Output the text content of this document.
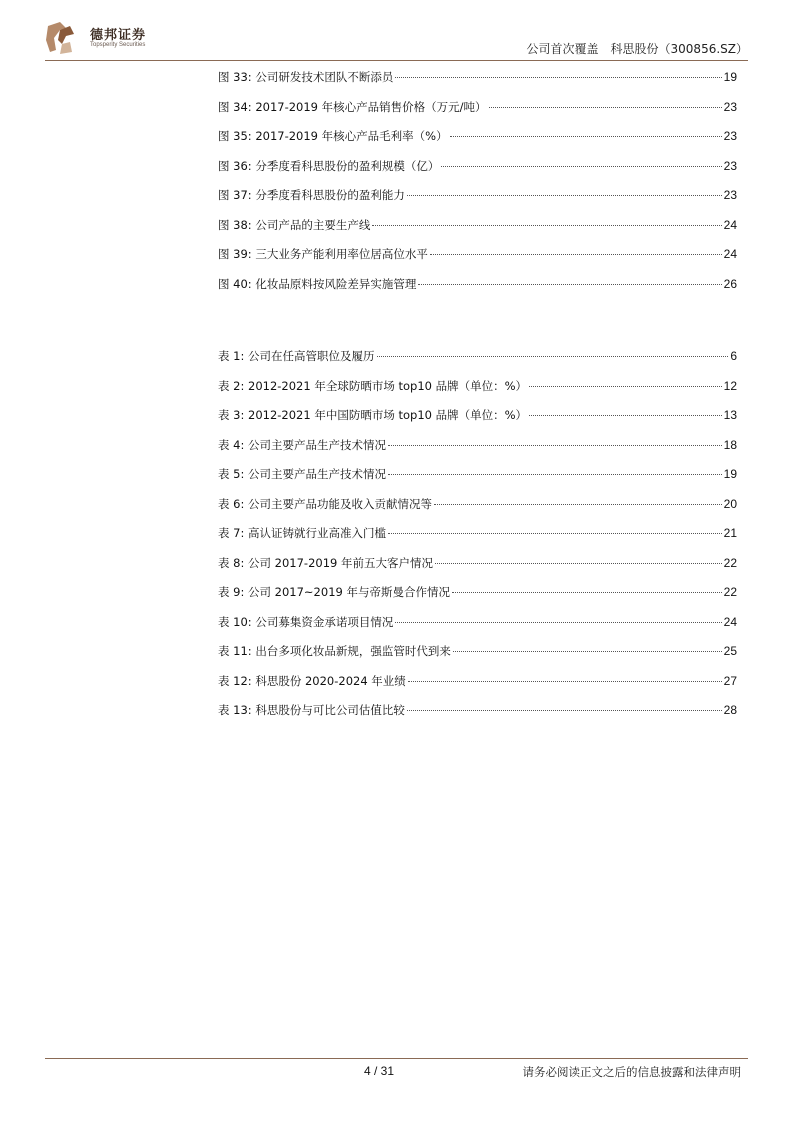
德邦证券
Topsperity Securities	公司首次覆盖　科思股份（300856.SZ）
图 33: 公司研发技术团队不断添员	19
图 34: 2017-2019 年核心产品销售价格（万元/吨）	23
图 35: 2017-2019 年核心产品毛利率（%）	23
图 36: 分季度看科思股份的盈利规模（亿）	23
图 37: 分季度看科思股份的盈利能力	23
图 38: 公司产品的主要生产线	24
图 39: 三大业务产能利用率位居高位水平	24
图 40: 化妆品原料按风险差异实施管理	26
表 1: 公司在任高管职位及履历	6
表 2: 2012-2021 年全球防晒市场 top10 品牌（单位：%）	12
表 3: 2012-2021 年中国防晒市场 top10 品牌（单位：%）	13
表 4: 公司主要产品生产技术情况	18
表 5: 公司主要产品生产技术情况	19
表 6: 公司主要产品功能及收入贡献情况等	20
表 7: 高认证铸就行业高准入门槛	21
表 8: 公司 2017-2019 年前五大客户情况	22
表 9: 公司 2017~2019 年与帝斯曼合作情况	22
表 10: 公司募集资金承诺项目情况	24
表 11: 出台多项化妆品新规，强监管时代到来	25
表 12: 科思股份 2020-2024 年业绩	27
表 13: 科思股份与可比公司估值比较	28
4 / 31	请务必阅读正文之后的信息披露和法律声明
